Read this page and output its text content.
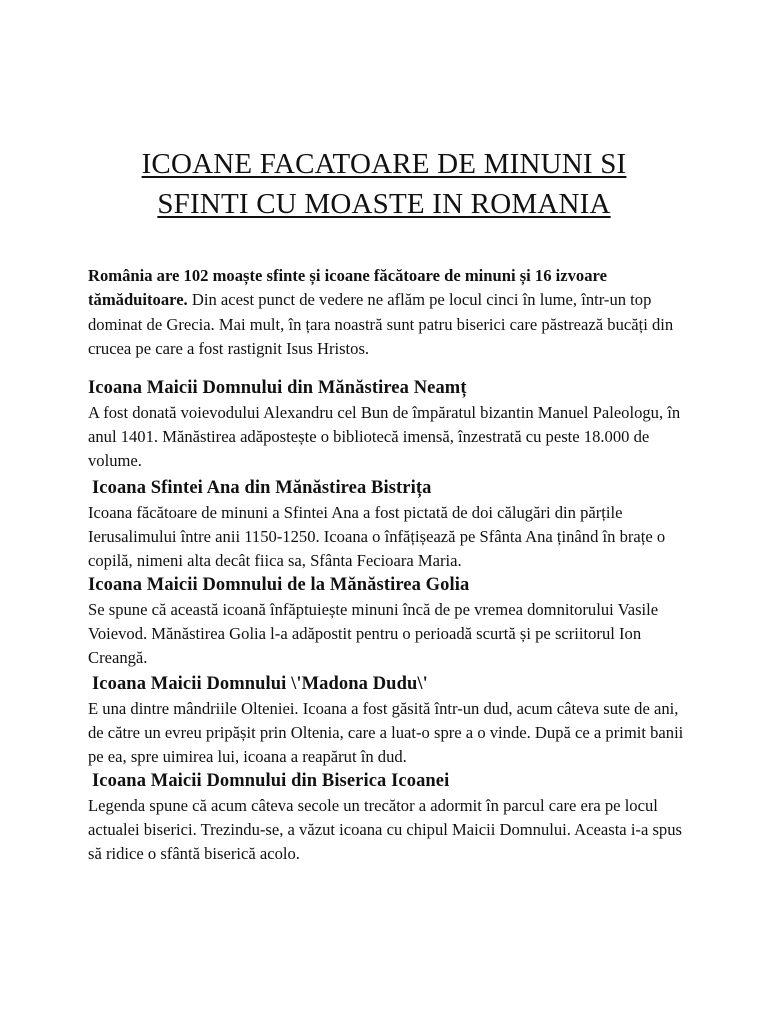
ICOANE FACATOARE DE MINUNI SI
SFINTI CU MOASTE IN ROMANIA

România are 102 moaște sfinte și icoane făcătoare de minuni și 16 izvoare tămăduitoare. Din acest punct de vedere ne aflăm pe locul cinci în lume, într-un top dominat de Grecia. Mai mult, în țara noastră sunt patru biserici care păstrează bucăți din crucea pe care a fost rastignit Isus Hristos.

Icoana Maicii Domnului din Mănăstirea Neamț

A fost donată voievodului Alexandru cel Bun de împăratul bizantin Manuel Paleologu, în anul 1401. Mănăstirea adăpostește o bibliotecă imensă, înzestrată cu peste 18.000 de volume.

Icoana Sfintei Ana din Mănăstirea Bistrița

Icoana făcătoare de minuni a Sfintei Ana a fost pictată de doi călugări din părțile Ierusalimului între anii 1150-1250. Icoana o înfățișează pe Sfânta Ana ținând în brațe o copilă, nimeni alta decât fiica sa, Sfânta Fecioara Maria.

Icoana Maicii Domnului de la Mănăstirea Golia

Se spune că această icoană înfăptuiește minuni încă de pe vremea domnitorului Vasile Voievod. Mănăstirea Golia l-a adăpostit pentru o perioadă scurtă și pe scriitorul Ion Creangă.

Icoana Maicii Domnului \'Madona Dudu\'

E una dintre mândriile Olteniei. Icoana a fost găsită într-un dud, acum câteva sute de ani, de către un evreu pripășit prin Oltenia, care a luat-o spre a o vinde. După ce a primit banii pe ea, spre uimirea lui, icoana a reapărut în dud.

Icoana Maicii Domnului din Biserica Icoanei

Legenda spune că acum câteva secole un trecător a adormit în parcul care era pe locul actualei biserici. Trezindu-se, a văzut icoana cu chipul Maicii Domnului. Aceasta i-a spus să ridice o sfântă biserică acolo.
